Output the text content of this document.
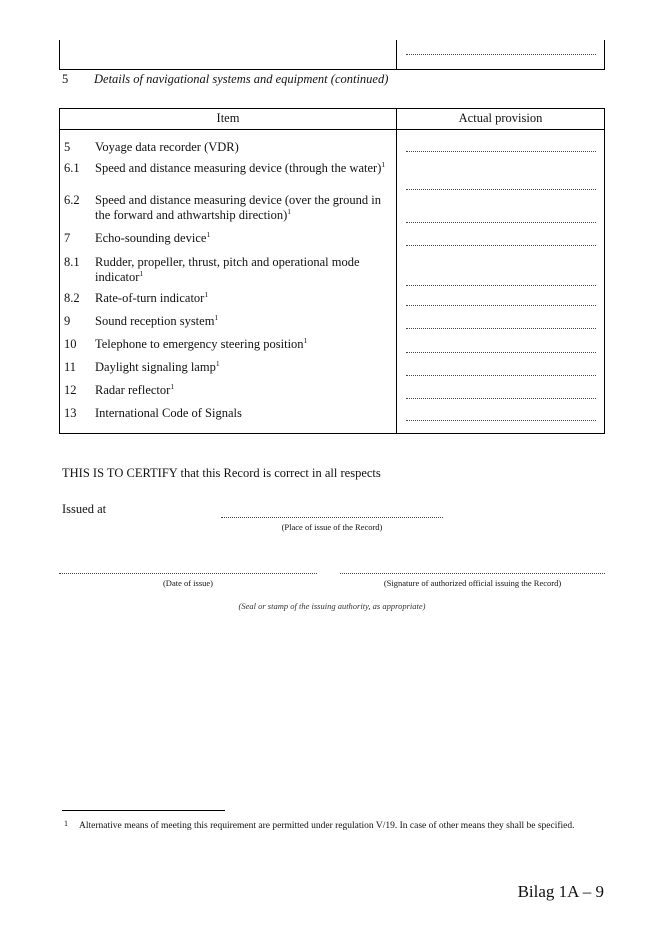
5 Details of navigational systems and equipment (continued)
Item	Actual provision
5 Voyage data recorder (VDR)
6.1 Speed and distance measuring device (through the water)$^1$
6.2 Speed and distance measuring device (over the ground in the forward and athwartship direction)$^1$
7 Echo-sounding device$^1$
8.1 Rudder, propeller, thrust, pitch and operational mode indicator$^1$
8.2 Rate-of-turn indicator$^1$
9 Sound reception system$^1$
10 Telephone to emergency steering position$^1$
11 Daylight signaling lamp$^1$
12 Radar reflector$^1$
13 International Code of Signals
THIS IS TO CERTIFY that this Record is correct in all respects
Issued at
(Place of issue of the Record)
(Date of issue)	(Signature of authorized official issuing the Record)
(Seal or stamp of the issuing authority, as appropriate)
1 Alternative means of meeting this requirement are permitted under regulation V/19. In case of other means they shall be specified.
Bilag 1A – 9
